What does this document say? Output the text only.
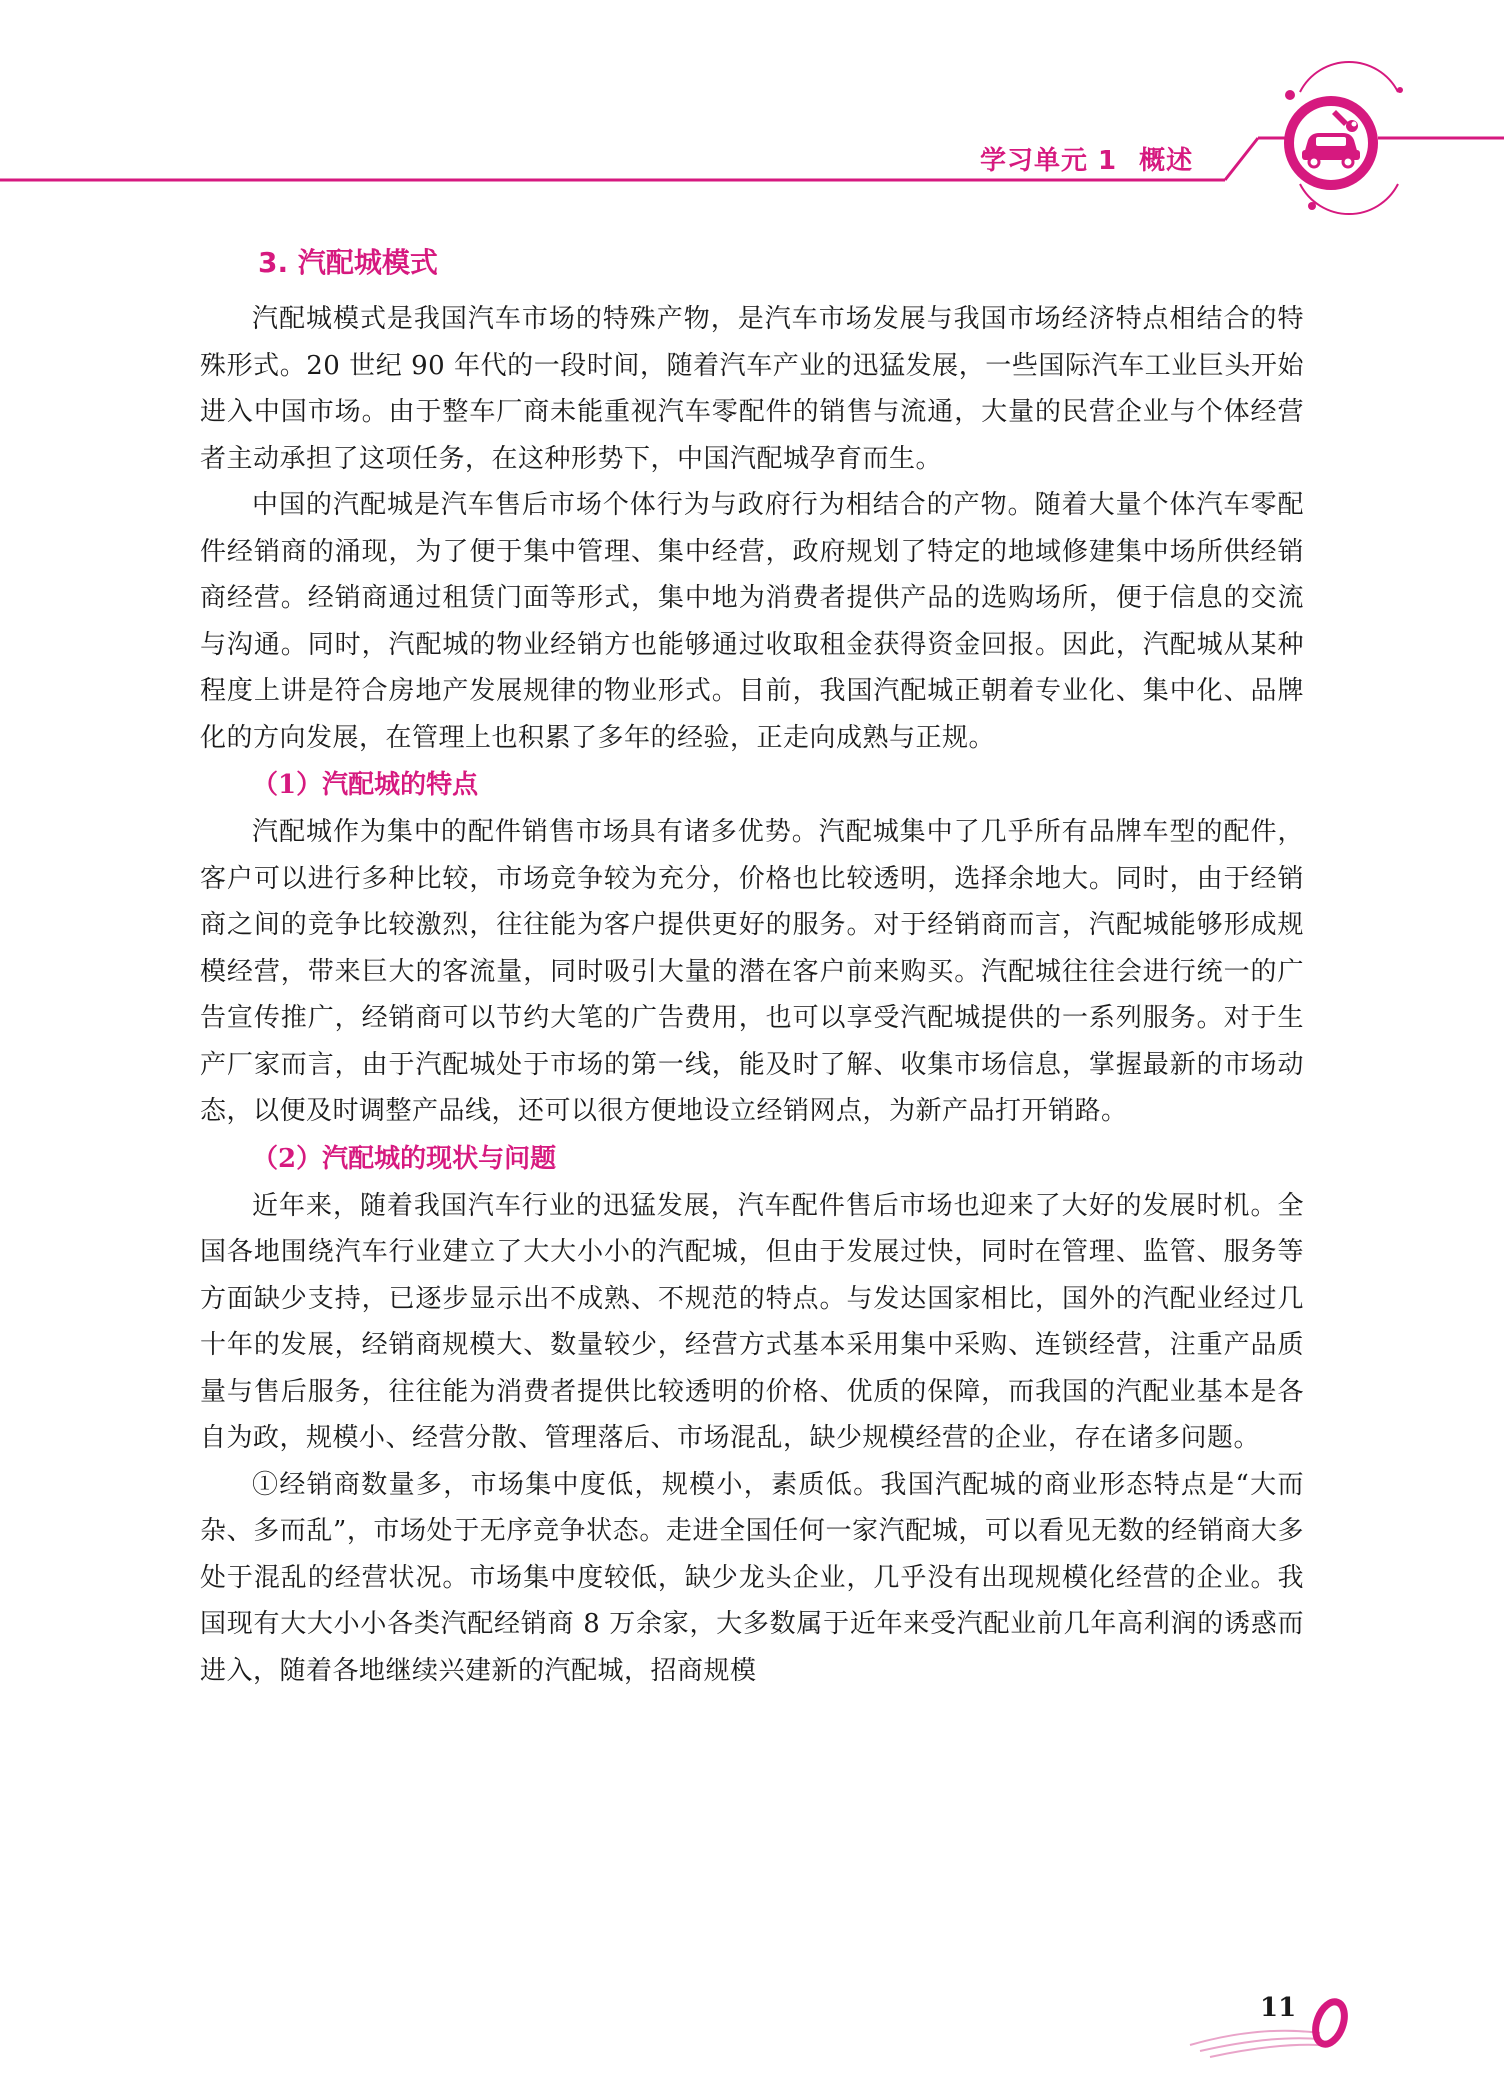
学习单元 1 概述
3. 汽配城模式

汽配城模式是我国汽车市场的特殊产物，是汽车市场发展与我国市场经济特点相结合的特殊形式。20 世纪 90 年代的一段时间，随着汽车产业的迅猛发展，一些国际汽车工业巨头开始进入中国市场。由于整车厂商未能重视汽车零配件的销售与流通，大量的民营企业与个体经营者主动承担了这项任务，在这种形势下，中国汽配城孕育而生。

中国的汽配城是汽车售后市场个体行为与政府行为相结合的产物。随着大量个体汽车零配件经销商的涌现，为了便于集中管理、集中经营，政府规划了特定的地域修建集中场所供经销商经营。经销商通过租赁门面等形式，集中地为消费者提供产品的选购场所，便于信息的交流与沟通。同时，汽配城的物业经销方也能够通过收取租金获得资金回报。因此，汽配城从某种程度上讲是符合房地产发展规律的物业形式。目前，我国汽配城正朝着专业化、集中化、品牌化的方向发展，在管理上也积累了多年的经验，正走向成熟与正规。

（1）汽配城的特点

汽配城作为集中的配件销售市场具有诸多优势。汽配城集中了几乎所有品牌车型的配件，客户可以进行多种比较，市场竞争较为充分，价格也比较透明，选择余地大。同时，由于经销商之间的竞争比较激烈，往往能为客户提供更好的服务。对于经销商而言，汽配城能够形成规模经营，带来巨大的客流量，同时吸引大量的潜在客户前来购买。汽配城往往会进行统一的广告宣传推广，经销商可以节约大笔的广告费用，也可以享受汽配城提供的一系列服务。对于生产厂家而言，由于汽配城处于市场的第一线，能及时了解、收集市场信息，掌握最新的市场动态，以便及时调整产品线，还可以很方便地设立经销网点，为新产品打开销路。

（2）汽配城的现状与问题

近年来，随着我国汽车行业的迅猛发展，汽车配件售后市场也迎来了大好的发展时机。全国各地围绕汽车行业建立了大大小小的汽配城，但由于发展过快，同时在管理、监管、服务等方面缺少支持，已逐步显示出不成熟、不规范的特点。与发达国家相比，国外的汽配业经过几十年的发展，经销商规模大、数量较少，经营方式基本采用集中采购、连锁经营，注重产品质量与售后服务，往往能为消费者提供比较透明的价格、优质的保障，而我国的汽配业基本是各自为政，规模小、经营分散、管理落后、市场混乱，缺少规模经营的企业，存在诸多问题。

①经销商数量多，市场集中度低，规模小，素质低。我国汽配城的商业形态特点是“大而杂、多而乱”，市场处于无序竞争状态。走进全国任何一家汽配城，可以看见无数的经销商大多处于混乱的经营状况。市场集中度较低，缺少龙头企业，几乎没有出现规模化经营的企业。我国现有大大小小各类汽配经销商 8 万余家，大多数属于近年来受汽配业前几年高利润的诱惑而进入，随着各地继续兴建新的汽配城，招商规模

11
